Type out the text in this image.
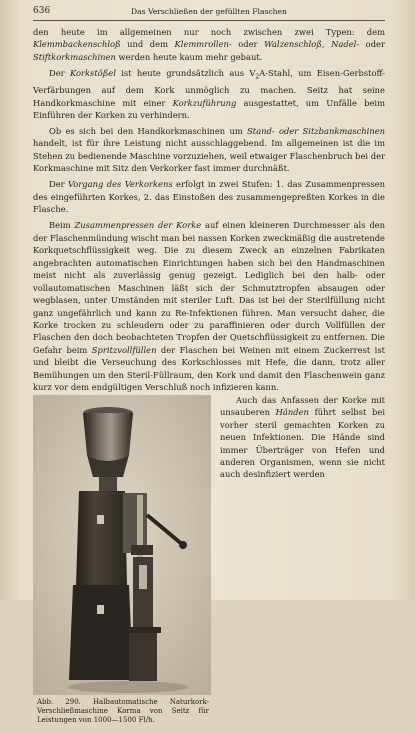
636	Das Verschließen der gefüllten Flaschen

den heute im allgemeinen nur noch zwischen zwei Typen: dem Klemmbackenschloß und dem Klemmrollen- oder Walzenschloß, Nadel- oder Stiftkorkmaschinen werden heute kaum mehr gebaut.

Der Korkstößel ist heute grundsätzlich aus $V_2A$-Stahl, um Eisen-Gerbstoff-Verfärbungen auf dem Kork unmöglich zu machen. Seitz hat seine Handkorkmaschine mit einer Korkzuführung ausgestattet, um Unfälle beim Einführen der Korken zu verhindern.

Ob es sich bei den Handkorkmaschinen um Stand- oder Sitzbankmaschinen handelt, ist für ihre Leistung nicht ausschlaggebend. Im allgemeinen ist die im Stehen zu bedienende Maschine vorzuziehen, weil etwaiger Flaschenbruch bei der Korkmaschine mit Sitz den Verkorker fast immer durchnäßt.

Der Vorgang des Verkorkens erfolgt in zwei Stufen: 1. das Zusammenpressen des eingeführten Korkes, 2. das Einstoßen des zusammengepreßten Korkes in die Flasche.

Beim Zusammenpressen der Korke auf einen kleineren Durchmesser als den der Flaschenmündung wischt man bei nassen Korken zweckmäßig die austretende Korkquetschflüssigkeit weg. Die zu diesem Zweck an einzelnen Fabrikaten angebrachten automatischen Einrichtungen haben sich bei den Handmaschinen meist nicht als zuverlässig genug gezeigt. Lediglich bei den halb- oder vollautomatischen Maschinen läßt sich der Schmutztropfen absaugen oder wegblasen, unter Umständen mit steriler Luft. Das ist bei der Sterilfüllung nicht ganz ungefährlich und kann zu Re-Infektionen führen. Man versucht daher, die Korke trocken zu schleudern oder zu paraffinieren oder durch Vollfüllen der Flaschen den doch beobachteten Tropfen der Quetschflüssigkeit zu entfernen. Die Gefahr beim Spritzvollfüllen der Flaschen bei Weinen mit einem Zuckerrest ist und bleibt die Verseuchung des Korkschlosses mit Hefe, die dann, trotz aller Bemühungen um den Steril-Füllraum, den Kork und damit den Flaschenwein ganz kurz vor dem endgültigen Verschluß noch infizieren kann.

Abb. 290. Halbautomatische Naturkork-Verschließmaschine Korma von Seitz für Leistungen von 1000—1500 Fl/h.

Auch das Anfassen der Korke mit unsauberen Händen führt selbst bei vorher steril gemachten Korken zu neuen Infektionen. Die Hände sind immer Überträger von Hefen und anderen Organismen, wenn sie nicht auch desinfiziert werden
